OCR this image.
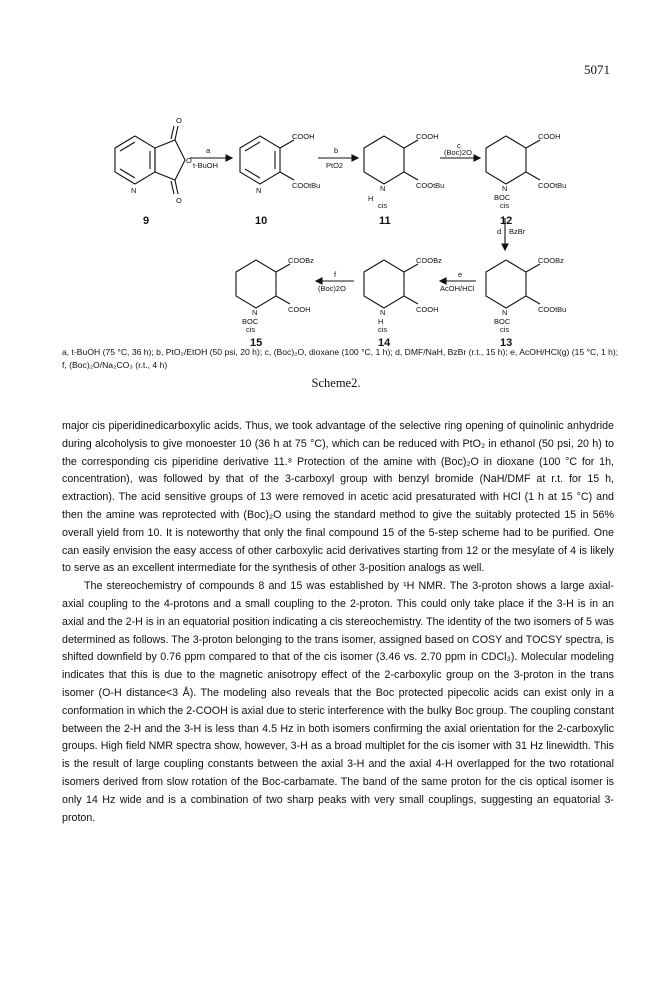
5071
O
O
O
N	N	N	N
N
N
N
COOH
COOtBu
COOH
COOtBu
COOH
COOtBu
COOBz
COOtBu
COOBz
COOH
COOBz
COOH
H
cis
BOC
cis
BOC
cis
H
cis
BOC
cis
a
t-BuOH
b
PtO2
c
(Boc)2O
d BzBr
e
AcOH/HCl
f
(Boc)2O
9	10	11	12
13
14
15
a, t-BuOH (75 °C, 36 h); b, PtO₂/EtOH (50 psi, 20 h); c, (Boc)₂O, dioxane (100 °C, 1 h); d, DMF/NaH, BzBr (r.t., 15 h); e, AcOH/HCl(g) (15 °C, 1 h); f, (Boc)₂O/Na₂CO₃ (r.t., 4 h)
Scheme2.

major cis piperidinedicarboxylic acids. Thus, we took advantage of the selective ring opening of quinolinic anhydride during alcoholysis to give monoester 10 (36 h at 75 °C), which can be reduced with PtO₂ in ethanol (50 psi, 20 h) to the corresponding cis piperidine derivative 11.⁸ Protection of the amine with (Boc)₂O in dioxane (100 °C for 1h, concentration), was followed by that of the 3-carboxyl group with benzyl bromide (NaH/DMF at r.t. for 15 h, extraction). The acid sensitive groups of 13 were removed in acetic acid presaturated with HCl (1 h at 15 °C) and then the amine was reprotected with (Boc)₂O using the standard method to give the suitably protected 15 in 56% overall yield from 10. It is noteworthy that only the final compound 15 of the 5-step scheme had to be purified. One can easily envision the easy access of other carboxylic acid derivatives starting from 12 or the mesylate of 4 is likely to serve as an excellent intermediate for the synthesis of other 3-position analogs as well.

The stereochemistry of compounds 8 and 15 was established by ¹H NMR. The 3-proton shows a large axial-axial coupling to the 4-protons and a small coupling to the 2-proton. This could only take place if the 3-H is in an axial and the 2-H is in an equatorial position indicating a cis stereochemistry. The identity of the two isomers of 5 was determined as follows. The 3-proton belonging to the trans isomer, assigned based on COSY and TOCSY spectra, is shifted downfield by 0.76 ppm compared to that of the cis isomer (3.46 vs. 2.70 ppm in CDCl₃). Molecular modeling indicates that this is due to the magnetic anisotropy effect of the 2-carboxylic group on the 3-proton in the trans isomer (O-H distance<3 Å). The modeling also reveals that the Boc protected pipecolic acids can exist only in a conformation in which the 2-COOH is axial due to steric interference with the bulky Boc group. The coupling constant between the 2-H and the 3-H is less than 4.5 Hz in both isomers confirming the axial orientation for the 2-carboxylic groups. High field NMR spectra show, however, 3-H as a broad multiplet for the cis isomer with 31 Hz linewidth. This is the result of large coupling constants between the axial 3-H and the axial 4-H overlapped for the two rotational isomers derived from slow rotation of the Boc-carbamate. The band of the same proton for the cis optical isomer is only 14 Hz wide and is a combination of two sharp peaks with very small couplings, suggesting an equatorial 3-proton.
